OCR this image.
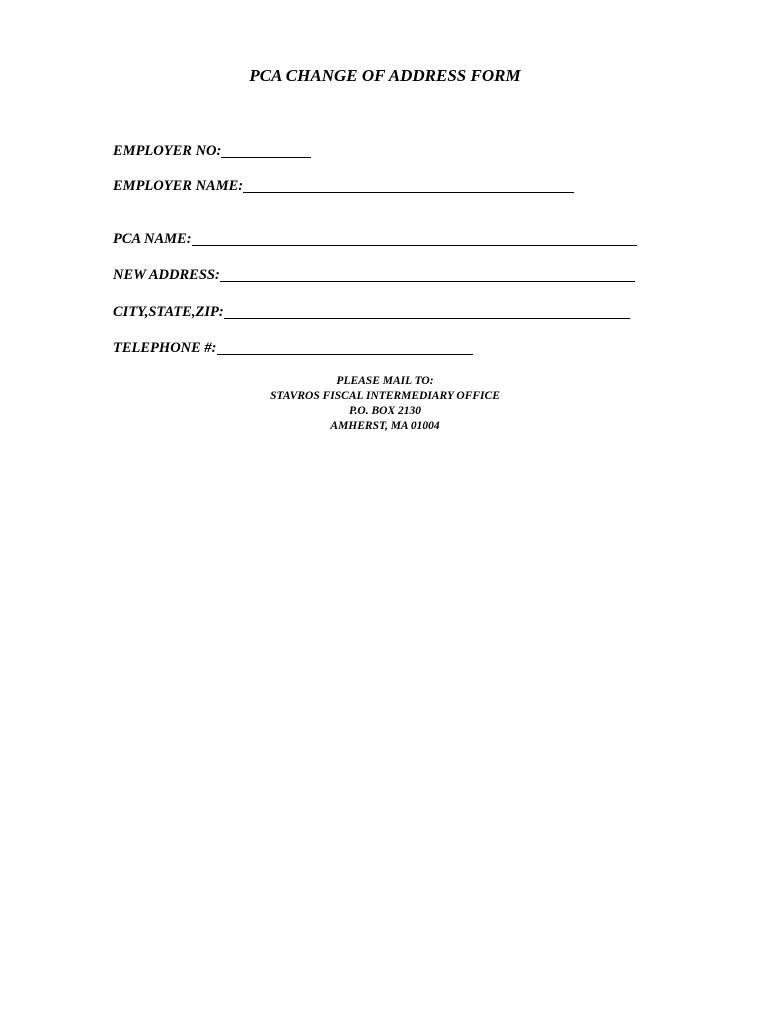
PCA CHANGE OF ADDRESS FORM
EMPLOYER NO:
EMPLOYER NAME:
PCA NAME:
NEW ADDRESS:
CITY,STATE,ZIP:
TELEPHONE #:
PLEASE MAIL TO:
STAVROS FISCAL INTERMEDIARY OFFICE
P.O. BOX 2130
AMHERST, MA 01004
